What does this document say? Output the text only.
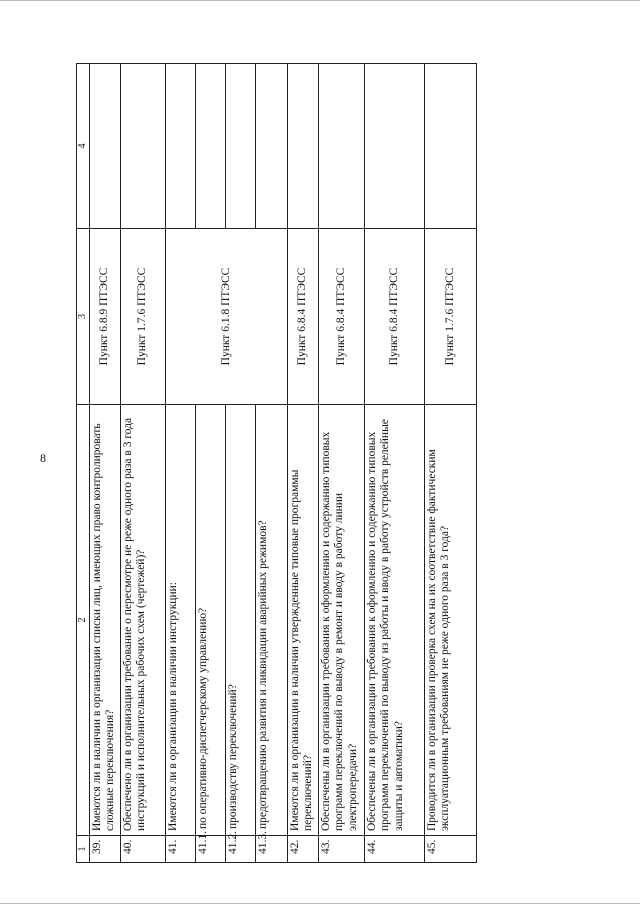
8
1	2	3	4
39.	Имеются ли в наличии в организации списки лиц, имеющих право контролировать сложные переключения?	Пункт 6.8.9 ПТЭСС	
40.	Обеспечено ли в организации требование о пересмотре не реже одного раза в 3 года инструкций и исполнительных рабочих схем (чертежей)?	Пункт 1.7.6 ПТЭСС	
41.	Имеются ли в организации в наличии инструкции:	Пункт 6.1.8 ПТЭСС	
41.1.	по оперативно-диспетчерскому управлению?		
41.2.	производству переключений?		
41.3.	предотвращению развития и ликвидации аварийных режимов?		
42.	Имеются ли в организации в наличии утвержденные типовые программы переключений?	Пункт 6.8.4 ПТЭСС	
43.	Обеспечены ли в организации требования к оформлению и содержанию типовых программ переключений по выводу в ремонт и вводу в работу линии электропередачи?	Пункт 6.8.4 ПТЭСС	
44.	Обеспечены ли в организации требования к оформлению и содержанию типовых программ переключений по выводу из работы и вводу в работу устройств релейные защиты и автоматики?	Пункт 6.8.4 ПТЭСС	
45.	Проводится ли в организации проверка схем на их соответствие фактическим эксплуатационным требованиям не реже одного раза в 3 года?	Пункт 1.7.6 ПТЭСС	
